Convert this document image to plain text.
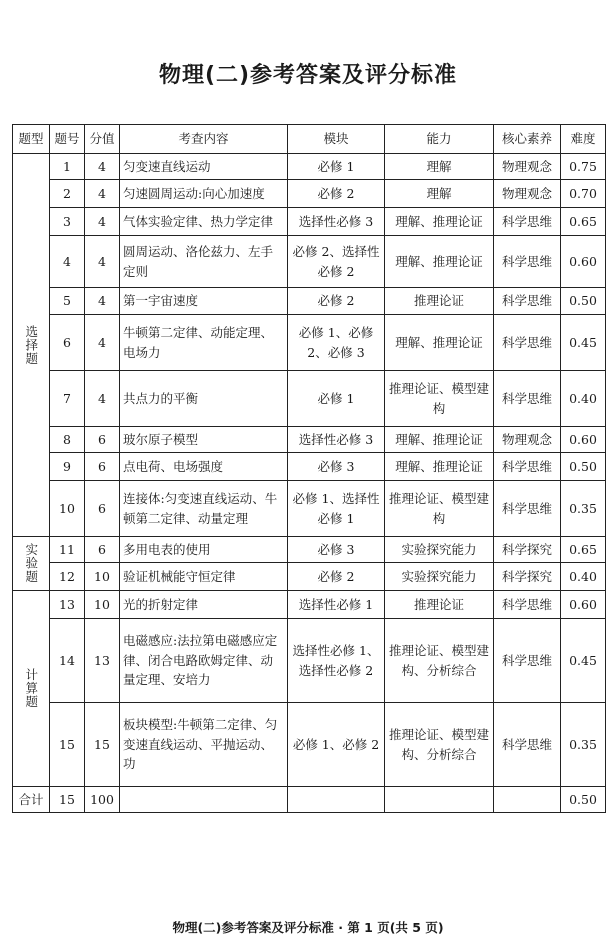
物理(二)参考答案及评分标准
题型	题号	分值	考查内容	模块	能力	核心素养	难度
选择题	1	4	匀变速直线运动	必修 1	理解	物理观念	0.75
	2	4	匀速圆周运动:向心加速度	必修 2	理解	物理观念	0.70
	3	4	气体实验定律、热力学定律	选择性必修 3	理解、推理论证	科学思维	0.65
	4	4	圆周运动、洛伦兹力、左手定则	必修 2、选择性必修 2	理解、推理论证	科学思维	0.60
	5	4	第一宇宙速度	必修 2	推理论证	科学思维	0.50
	6	4	牛顿第二定律、动能定理、电场力	必修 1、必修 2、必修 3	理解、推理论证	科学思维	0.45
	7	4	共点力的平衡	必修 1	推理论证、模型建构	科学思维	0.40
	8	6	玻尔原子模型	选择性必修 3	理解、推理论证	物理观念	0.60
	9	6	点电荷、电场强度	必修 3	理解、推理论证	科学思维	0.50
	10	6	连接体:匀变速直线运动、牛顿第二定律、动量定理	必修 1、选择性必修 1	推理论证、模型建构	科学思维	0.35
实验题	11	6	多用电表的使用	必修 3	实验探究能力	科学探究	0.65
	12	10	验证机械能守恒定律	必修 2	实验探究能力	科学探究	0.40
计算题	13	10	光的折射定律	选择性必修 1	推理论证	科学思维	0.60
	14	13	电磁感应:法拉第电磁感应定律、闭合电路欧姆定律、动量定理、安培力	选择性必修 1、选择性必修 2	推理论证、模型建构、分析综合	科学思维	0.45
	15	15	板块模型:牛顿第二定律、匀变速直线运动、平抛运动、功	必修 1、必修 2	推理论证、模型建构、分析综合	科学思维	0.35
合计	15	100					0.50
物理(二)参考答案及评分标准 · 第 1 页(共 5 页)
